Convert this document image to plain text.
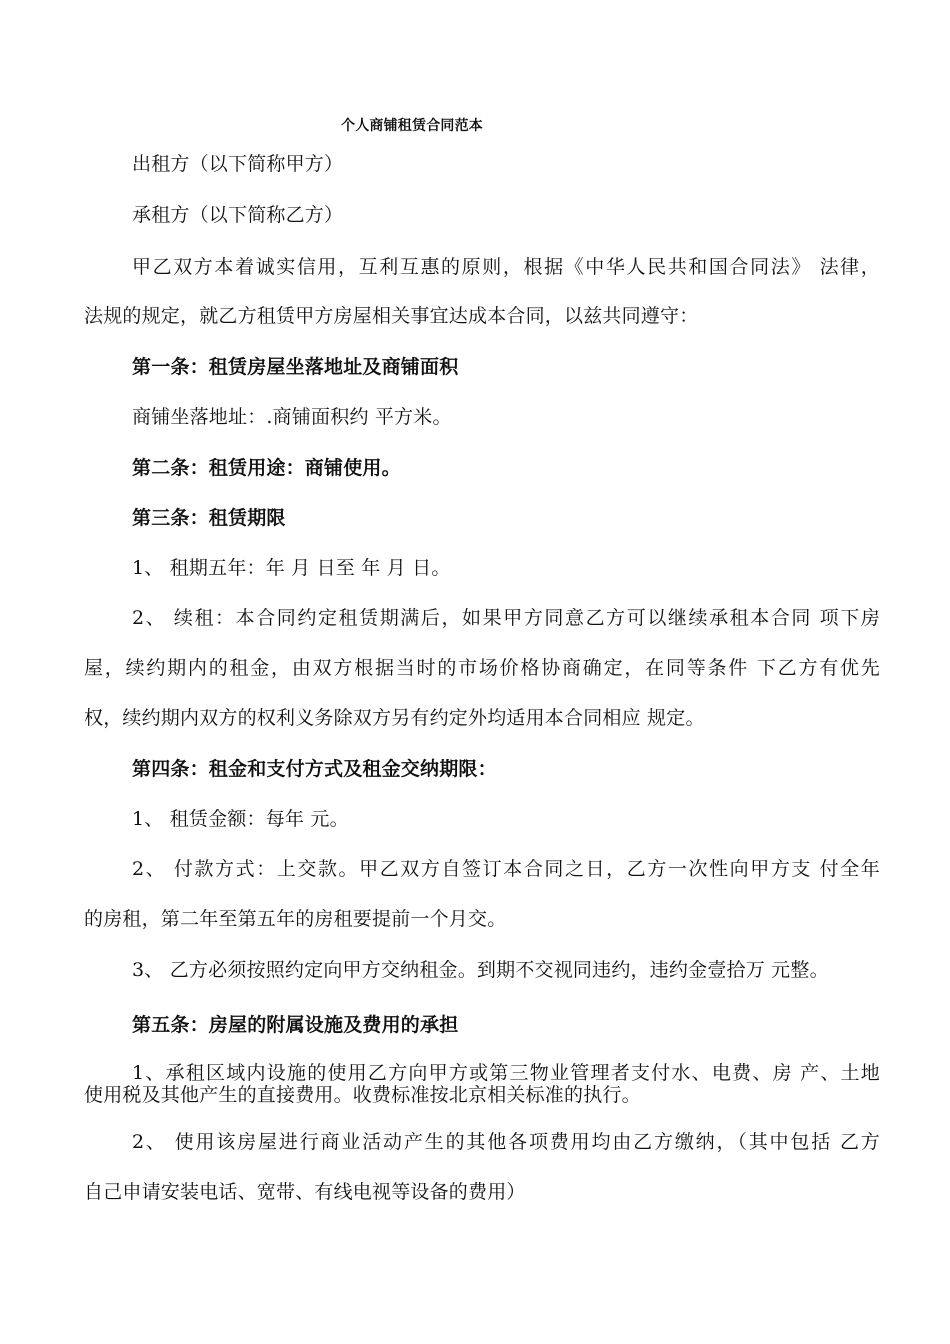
个人商铺租赁合同范本
出租方（以下简称甲方）
承租方（以下简称乙方）
甲乙双方本着诚实信用，互利互惠的原则，根据《中华人民共和国合同法》 法律，
法规的规定，就乙方租赁甲方房屋相关事宜达成本合同，以兹共同遵守：
第一条：租赁房屋坐落地址及商铺面积
商铺坐落地址：.商铺面积约 平方米。
第二条：租赁用途：商铺使用。
第三条：租赁期限
1、 租期五年：年 月 日至 年 月 日。
2、 续租：本合同约定租赁期满后，如果甲方同意乙方可以继续承租本合同 项下房
屋，续约期内的租金，由双方根据当时的市场价格协商确定，在同等条件 下乙方有优先
权，续约期内双方的权利义务除双方另有约定外均适用本合同相应 规定。
第四条：租金和支付方式及租金交纳期限：
1、 租赁金额：每年 元。
2、 付款方式：上交款。甲乙双方自签订本合同之日，乙方一次性向甲方支 付全年
的房租，第二年至第五年的房租要提前一个月交。
3、 乙方必须按照约定向甲方交纳租金。到期不交视同违约，违约金壹拾万 元整。
第五条：房屋的附属设施及费用的承担
1、承租区域内设施的使用乙方向甲方或第三物业管理者支付水、电费、房 产、土地
使用税及其他产生的直接费用。收费标准按北京相关标准的执行。
2、 使用该房屋进行商业活动产生的其他各项费用均由乙方缴纳，（其中包括 乙方
自己申请安装电话、宽带、有线电视等设备的费用）
